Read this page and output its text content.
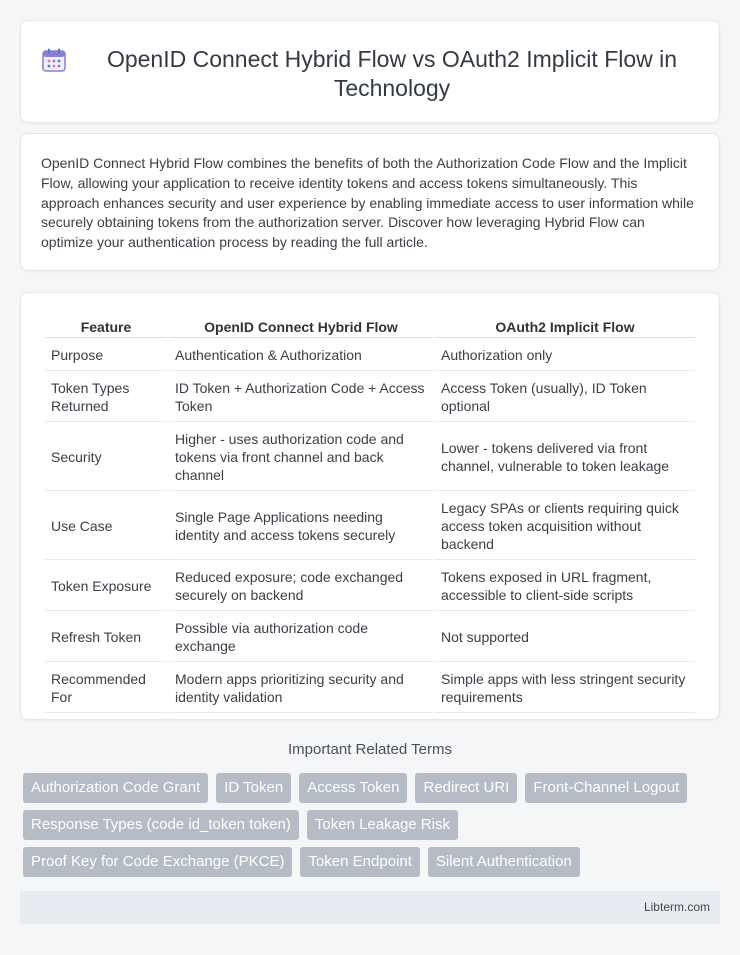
OpenID Connect Hybrid Flow vs OAuth2 Implicit Flow in Technology

OpenID Connect Hybrid Flow combines the benefits of both the Authorization Code Flow and the Implicit Flow, allowing your application to receive identity tokens and access tokens simultaneously. This approach enhances security and user experience by enabling immediate access to user information while securely obtaining tokens from the authorization server. Discover how leveraging Hybrid Flow can optimize your authentication process by reading the full article.

Feature	OpenID Connect Hybrid Flow	OAuth2 Implicit Flow
Purpose	Authentication & Authorization	Authorization only
Token Types Returned	ID Token + Authorization Code + Access Token	Access Token (usually), ID Token optional
Security	Higher - uses authorization code and tokens via front channel and back channel	Lower - tokens delivered via front channel, vulnerable to token leakage
Use Case	Single Page Applications needing identity and access tokens securely	Legacy SPAs or clients requiring quick access token acquisition without backend
Token Exposure	Reduced exposure; code exchanged securely on backend	Tokens exposed in URL fragment, accessible to client-side scripts
Refresh Token	Possible via authorization code exchange	Not supported
Recommended For	Modern apps prioritizing security and identity validation	Simple apps with less stringent security requirements
Important Related Terms
Authorization Code Grant	ID Token	Access Token	Redirect URI	Front-Channel Logout
Response Types (code id_token token)	Token Leakage Risk
Proof Key for Code Exchange (PKCE)	Token Endpoint	Silent Authentication
Libterm.com
